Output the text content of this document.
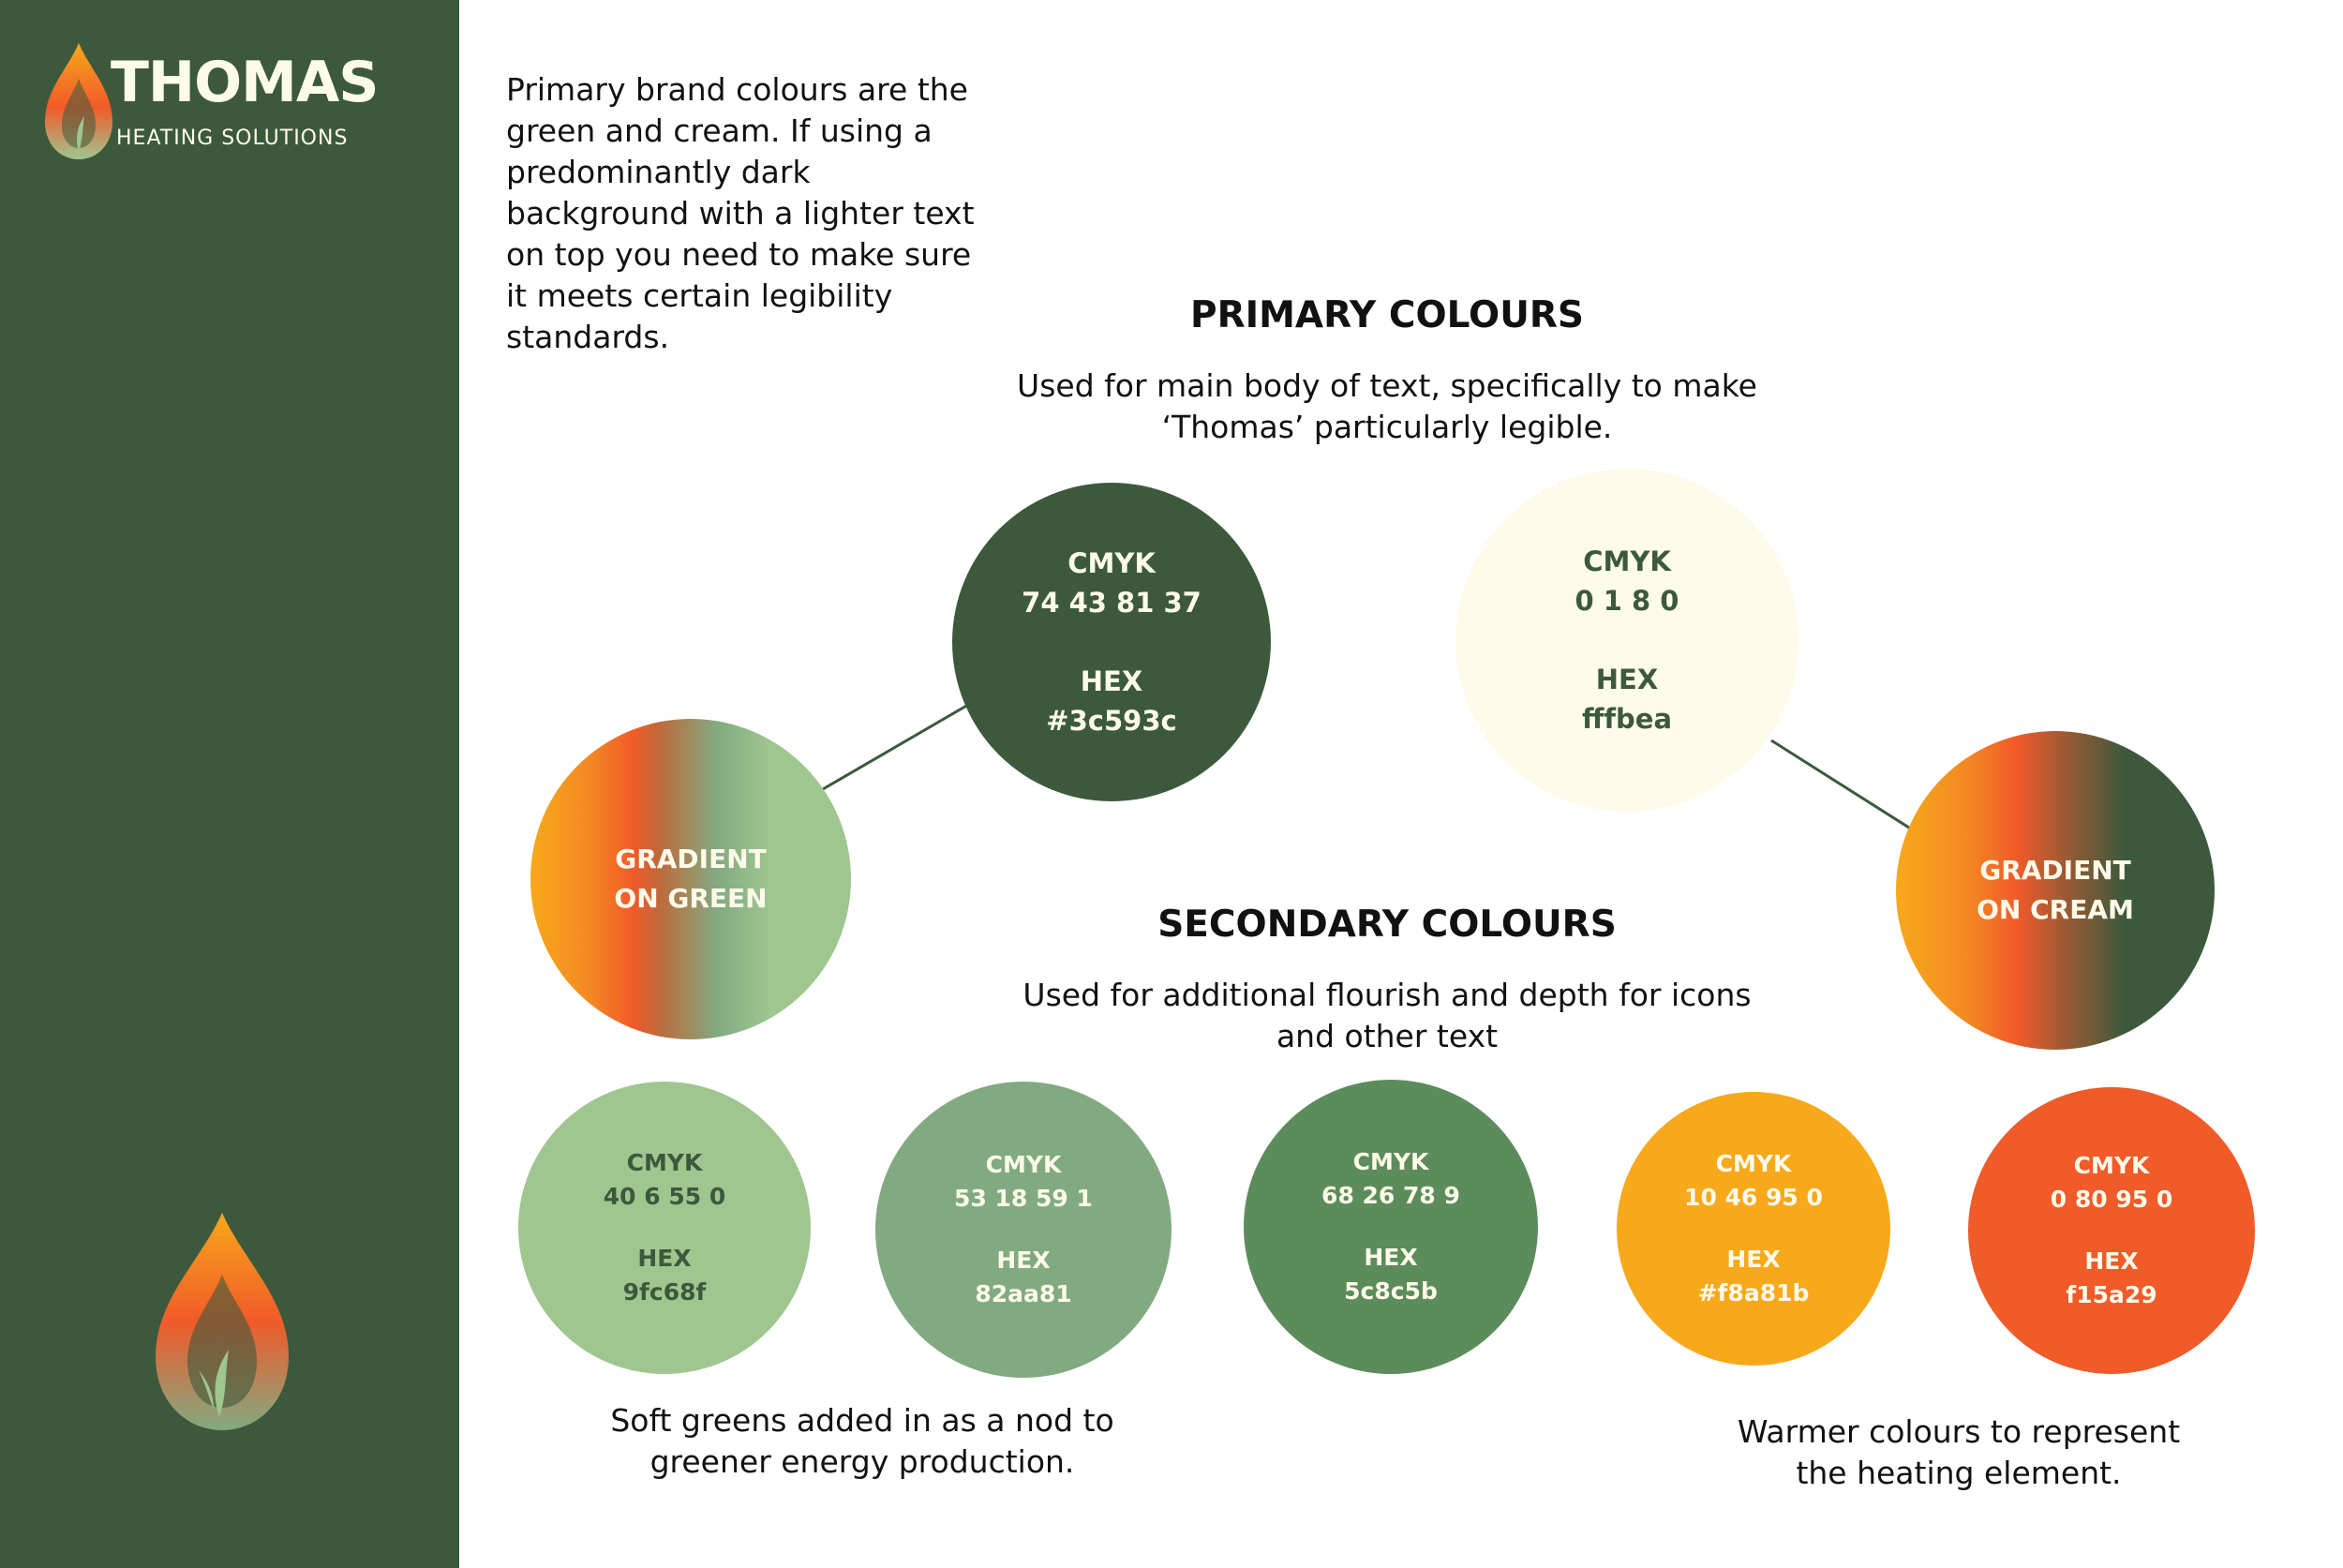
THOMAS
HEATING SOLUTIONS

Primary brand colours are the green and cream. If using a predominantly dark background with a lighter text on top you need to make sure it meets certain legibility standards.

PRIMARY COLOURS

Used for main body of text, specifically to make ‘Thomas’ particularly legible.

SECONDARY COLOURS

Used for additional flourish and depth for icons and other text

CMYK
74 43 81 37
HEX
#3c593c
CMYK
0 1 8 0
HEX
fffbea
GRADIENT
ON GREEN
GRADIENT
ON CREAM
CMYK
40 6 55 0
HEX
9fc68f
CMYK
53 18 59 1
HEX
82aa81
CMYK
68 26 78 9
HEX
5c8c5b
CMYK
10 46 95 0
HEX
#f8a81b
CMYK
0 80 95 0
HEX
f15a29

Soft greens added in as a nod to greener energy production.

Warmer colours to represent the heating element.
